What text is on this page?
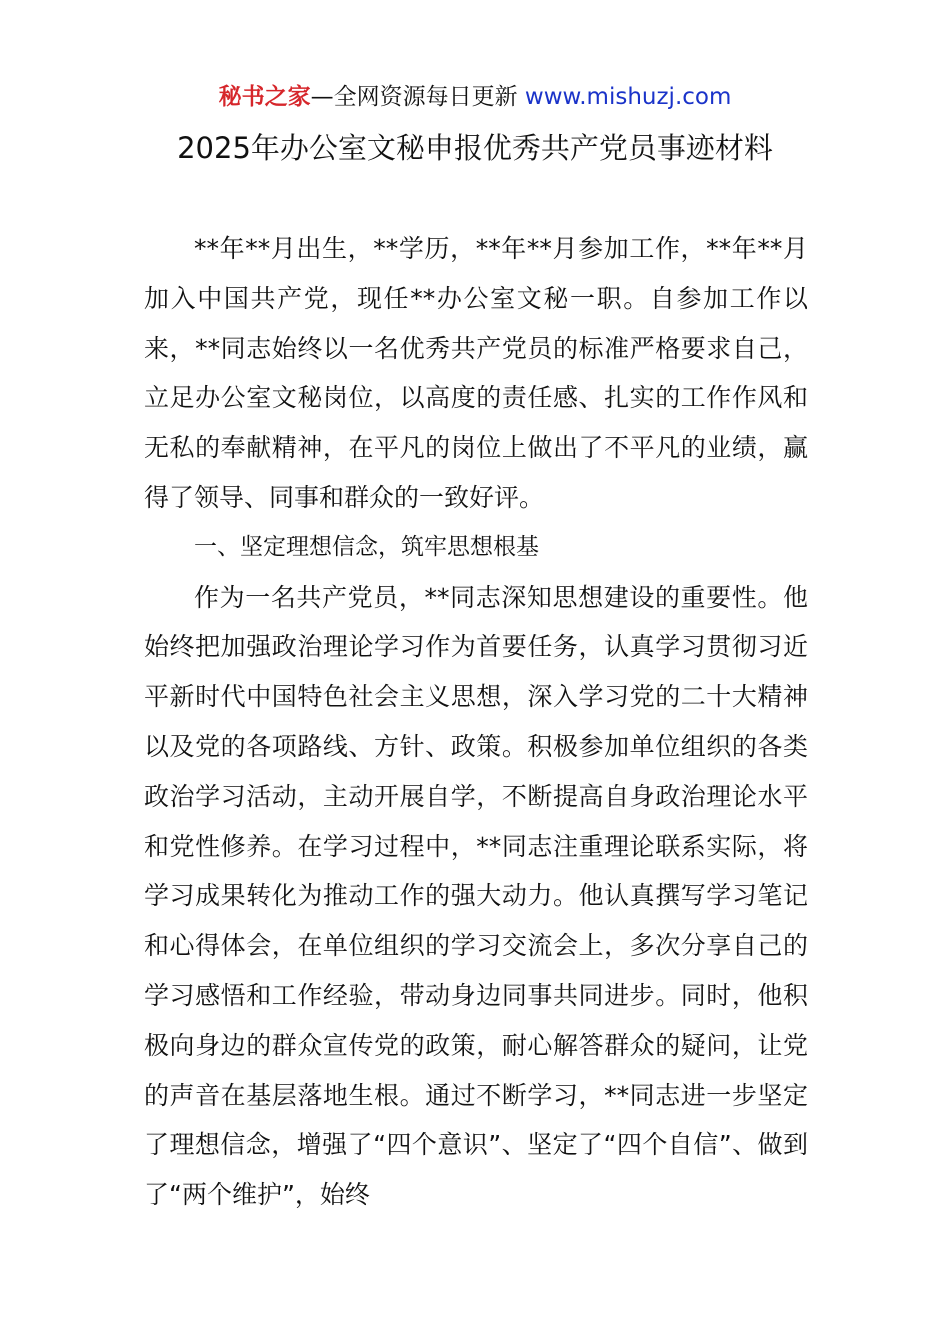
秘书之家—全网资源每日更新 www.mishuzj.com
2025年办公室文秘申报优秀共产党员事迹材料

**年**月出生，**学历，**年**月参加工作，**年**月加入中国共产党，现任**办公室文秘一职。自参加工作以来，**同志始终以一名优秀共产党员的标准严格要求自己，立足办公室文秘岗位，以高度的责任感、扎实的工作作风和无私的奉献精神，在平凡的岗位上做出了不平凡的业绩，赢得了领导、同事和群众的一致好评。

一、坚定理想信念，筑牢思想根基

作为一名共产党员，**同志深知思想建设的重要性。他始终把加强政治理论学习作为首要任务，认真学习贯彻习近平新时代中国特色社会主义思想，深入学习党的二十大精神以及党的各项路线、方针、政策。积极参加单位组织的各类政治学习活动，主动开展自学，不断提高自身政治理论水平和党性修养。在学习过程中，**同志注重理论联系实际，将学习成果转化为推动工作的强大动力。他认真撰写学习笔记和心得体会，在单位组织的学习交流会上，多次分享自己的学习感悟和工作经验，带动身边同事共同进步。同时，他积极向身边的群众宣传党的政策，耐心解答群众的疑问，让党的声音在基层落地生根。通过不断学习，**同志进一步坚定了理想信念，增强了“四个意识”、坚定了“四个自信”、做到了“两个维护”，始终
